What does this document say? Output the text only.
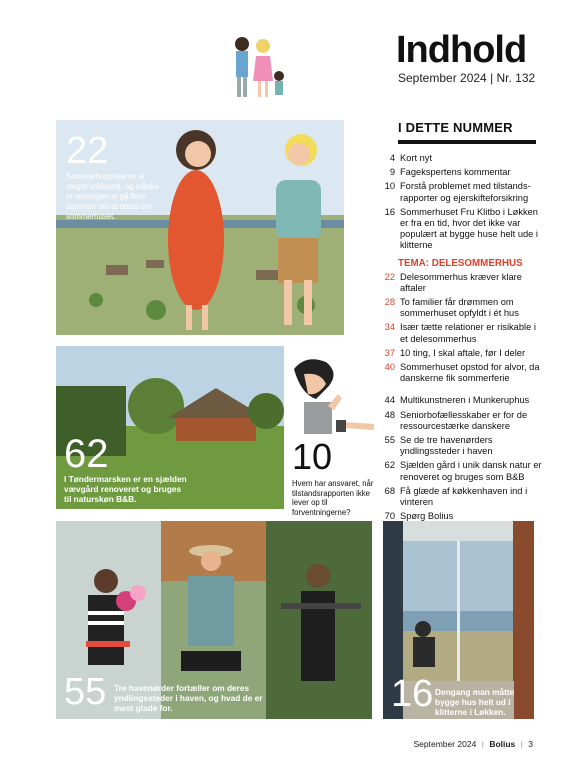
Indhold
September 2024 | Nr. 132
I DETTE NUMMER
4 Kort nyt
9 Fagekspertens kommentar
10 Forstå problemet med tilstands- rapporter og ejerskifteforsikring
16 Sommerhuset Fru Klitbo i Løkken er fra en tid, hvor det ikke var populært at bygge huse helt ude i klitterne
TEMA: DELESOMMERHUS
22 Delesommerhus kræver klare aftaler
28 To familier får drømmen om sommerhuset opfyldt i ét hus
34 Især tætte relationer er risikable i et delesommerhus
37 10 ting, I skal aftale, før I deler
40 Sommerhuset opstod for alvor, da danskerne fik sommerferie
44 Multikunstneren i Munkeruphus
48 Seniorbofællesskaber er for de ressourcestærke danskere
55 Se de tre havenørders yndlingssteder i haven
62 Sjælden gård i unik dansk natur er renoveret og bruges som B&B
68 Få glæde af køkkenhaven ind i vinteren
70 Spørg Bolius
22
Sommerhuspriserne er steget voldsomt, og måske er løsningen at gå flere sammen om at deles om sommerhuset.
62
I Tøndermarsken er en sjælden vævgård renoveret og bruges til naturskøn B&B.
10
Hvem har ansvaret, når tilstandsrapporten ikke lever op til forventningerne?
55 Tre havenørder fortæller om deres yndlingssteder i haven, og hvad de er mest glade for.	16 Dengang man måtte bygge hus helt ud i klitterne i Løkken.
September 2024 | Bolius | 3
